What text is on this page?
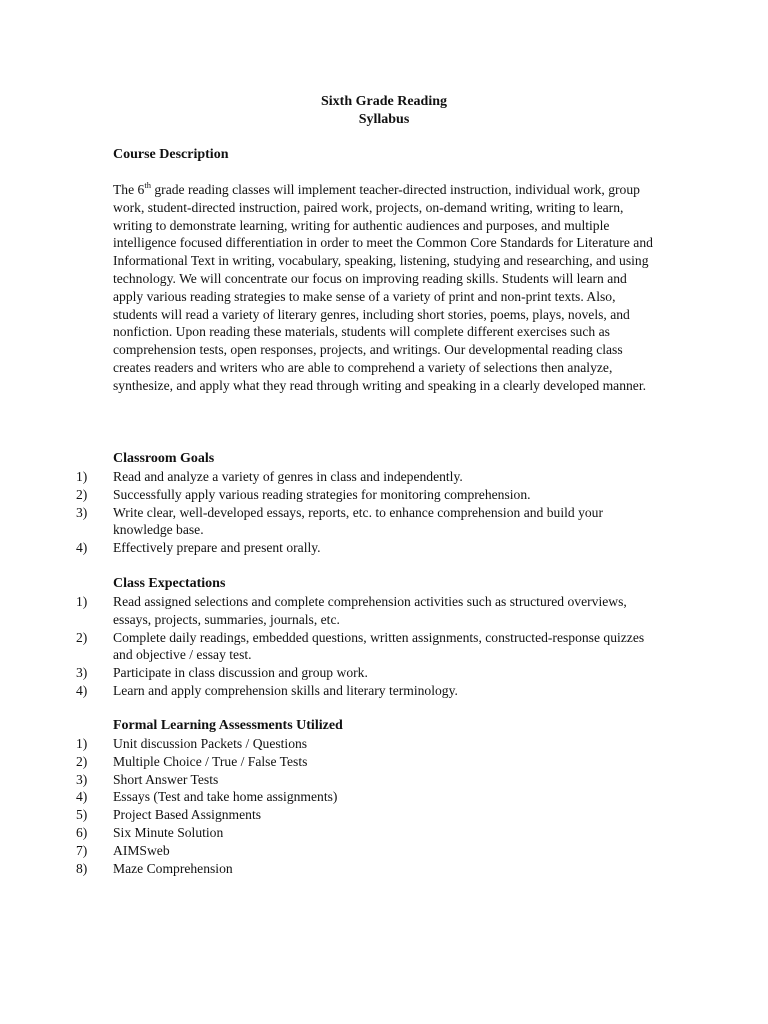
Sixth Grade Reading
Syllabus
Course Description
The 6th grade reading classes will implement teacher-directed instruction, individual work, group work, student-directed instruction, paired work, projects, on-demand writing, writing to learn, writing to demonstrate learning, writing for authentic audiences and purposes, and multiple intelligence focused differentiation in order to meet the Common Core Standards for Literature and Informational Text in writing, vocabulary, speaking, listening, studying and researching, and using technology. We will concentrate our focus on improving reading skills. Students will learn and apply various reading strategies to make sense of a variety of print and non-print texts. Also, students will read a variety of literary genres, including short stories, poems, plays, novels, and nonfiction. Upon reading these materials, students will complete different exercises such as comprehension tests, open responses, projects, and writings. Our developmental reading class creates readers and writers who are able to comprehend a variety of selections then analyze, synthesize, and apply what they read through writing and speaking in a clearly developed manner.
Classroom Goals
1)	Read and analyze a variety of genres in class and independently.
2)	Successfully apply various reading strategies for monitoring comprehension.
3)	Write clear, well-developed essays, reports, etc. to enhance comprehension and build your knowledge base.
4)	Effectively prepare and present orally.
Class Expectations
1)	Read assigned selections and complete comprehension activities such as structured overviews, essays, projects, summaries, journals, etc.
2)	Complete daily readings, embedded questions, written assignments, constructed-response quizzes and objective / essay test.
3)	Participate in class discussion and group work.
4)	Learn and apply comprehension skills and literary terminology.
Formal Learning Assessments Utilized
1)	Unit discussion Packets / Questions
2)	Multiple Choice / True / False Tests
3)	Short Answer Tests
4)	Essays (Test and take home assignments)
5)	Project Based Assignments
6)	Six Minute Solution
7)	AIMSweb
8)	Maze Comprehension
